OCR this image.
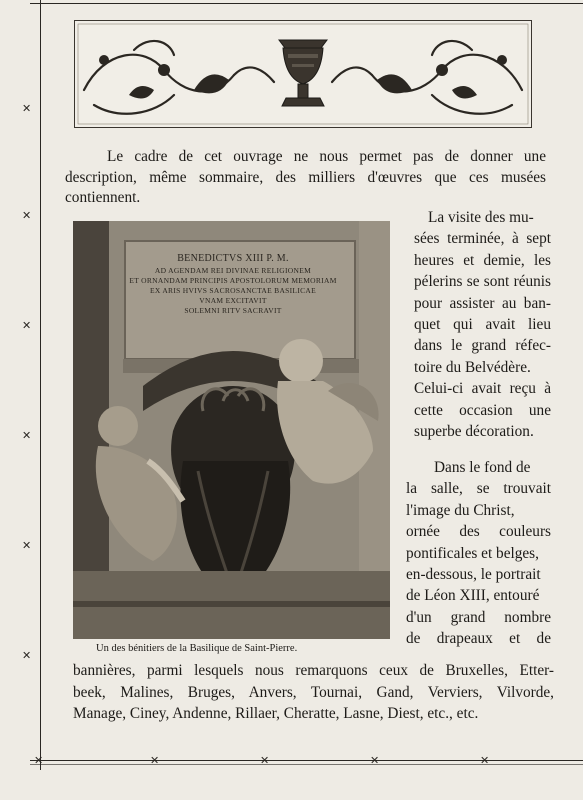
✕
✕
✕
✕
✕
✕
✕	✕	✕	✕	✕
Le cadre de cet ouvrage ne nous permet pas de donner une
description, même sommaire, des milliers d'œuvres que ces musées
contiennent.
BENEDICTVS XIII P. M.
AD AGENDAM REI DIVINAE RELIGIONEM
ET ORNANDAM PRINCIPIS APOSTOLORUM MEMORIAM
EX ARIS HVIVS SACROSANCTAE BASILICAE
VNAM EXCITAVIT
SOLEMNI RITV SACRAVIT
Un des bénitiers de la Basilique de Saint-Pierre.
La visite des mu-
sées terminée, à sept
heures et demie, les
pélerins se sont réunis
pour assister au ban-
quet qui avait lieu
dans le grand réfec-
toire du Belvédère.
Celui-ci avait reçu à
cette occasion une
superbe décoration.
Dans le fond de
la salle, se trouvait
l'image du Christ,
ornée des couleurs
pontificales et belges,
en-dessous, le portrait
de Léon XIII, entouré
d'un grand nombre
de drapeaux et de
bannières, parmi lesquels nous remarquons ceux de Bruxelles, Etter-
beek, Malines, Bruges, Anvers, Tournai, Gand, Verviers, Vilvorde,
Manage, Ciney, Andenne, Rillaer, Cheratte, Lasne, Diest, etc., etc.
